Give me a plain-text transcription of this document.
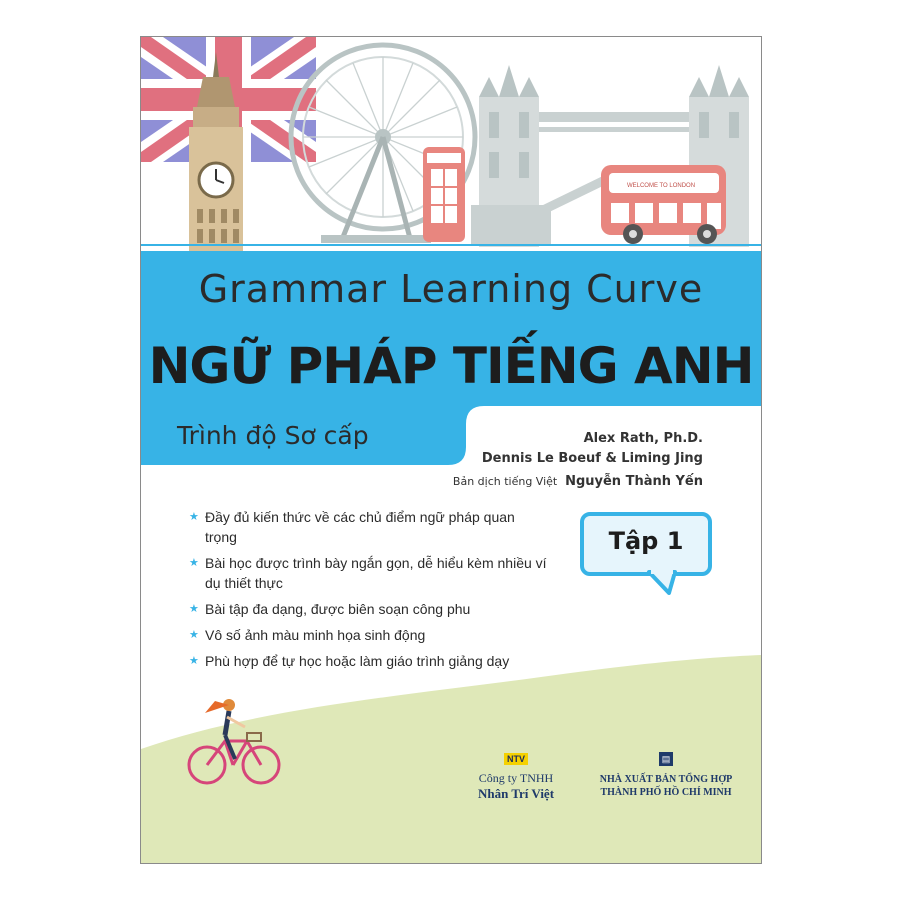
WELCOME TO LONDON
Grammar Learning Curve
NGỮ PHÁP TIẾNG ANH
Trình độ Sơ cấp	Alex Rath, Ph.D.
Dennis Le Boeuf & Liming Jing
Bản dịch tiếng Việt Nguyễn Thành Yến
★ Đầy đủ kiến thức về các chủ điểm ngữ pháp quan trọng
★ Bài học được trình bày ngắn gọn, dễ hiểu kèm nhiều ví dụ thiết thực
★ Bài tập đa dạng, được biên soạn công phu
★ Vô số ảnh màu minh họa sinh động
★ Phù hợp để tự học hoặc làm giáo trình giảng dạy
Tập 1
NTV
Công ty TNHH
Nhân Trí Việt
▤
NHÀ XUẤT BẢN TỔNG HỢP
THÀNH PHỐ HỒ CHÍ MINH
